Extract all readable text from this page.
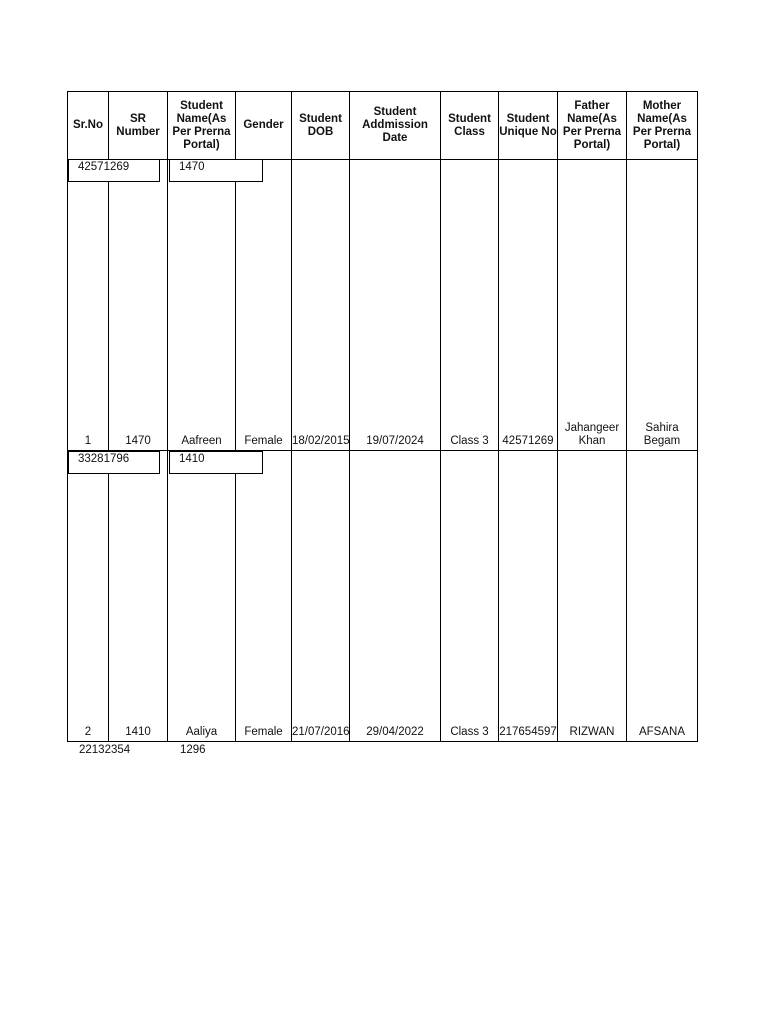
Sr.No	SR Number	Student Name(As Per Prerna Portal)	Gender	Student DOB	Student Addmission Date	Student Class	Student Unique No	Father Name(As Per Prerna Portal)	Mother Name(As Per Prerna Portal)
1	1470	Aafreen	Female	18/02/2015	19/07/2024	Class 3	42571269	Jahangeer Khan	Sahira Begam
2	1410	Aaliya	Female	21/07/2016	29/04/2022	Class 3	217654597	RIZWAN	AFSANA
42571269	1470
33281796	1410
22132354	1296
